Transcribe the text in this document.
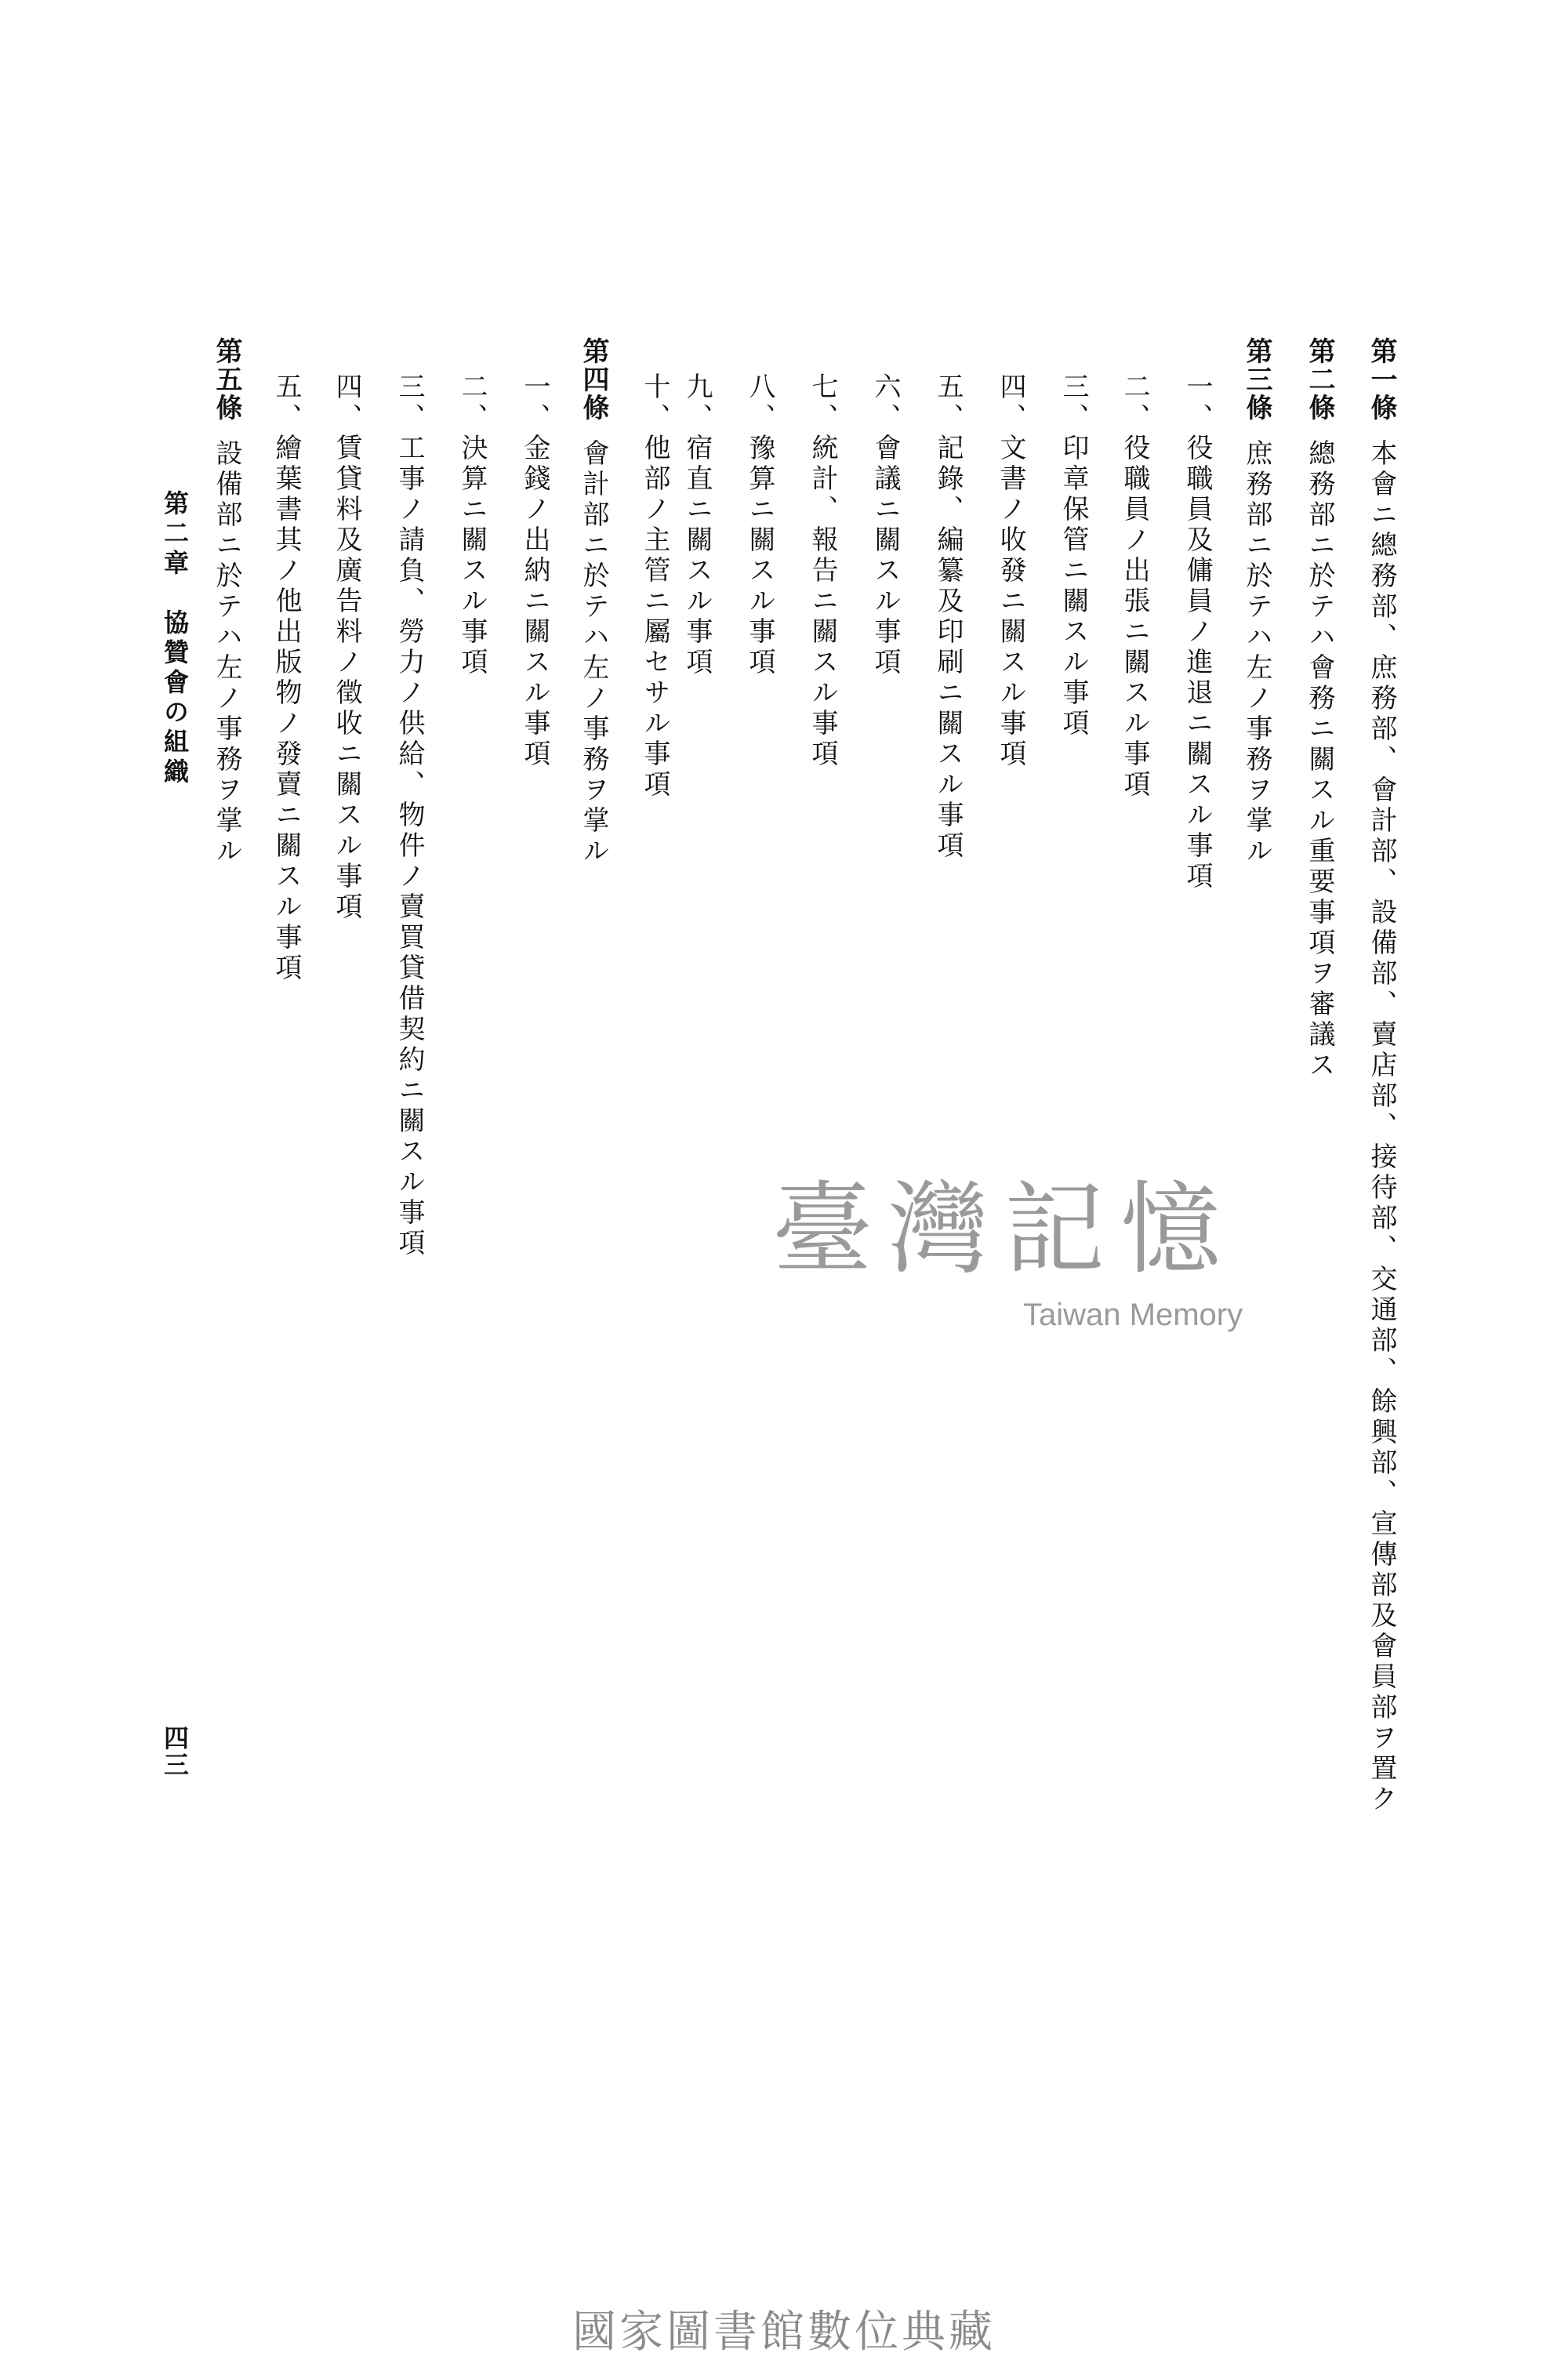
第一條本會ニ總務部、庶務部、會計部、設備部、賣店部、接待部、交通部、餘興部、宣傳部及會員部ヲ置ク
第二條總務部ニ於テハ會務ニ關スル重要事項ヲ審議ス
第三條庶務部ニ於テハ左ノ事務ヲ掌ル
一、役職員及傭員ノ進退ニ關スル事項
二、役職員ノ出張ニ關スル事項
三、印章保管ニ關スル事項
四、文書ノ收發ニ關スル事項
五、記錄、編纂及印刷ニ關スル事項
六、會議ニ關スル事項
七、統計、報告ニ關スル事項
八、豫算ニ關スル事項
九、宿直ニ關スル事項
十、他部ノ主管ニ屬セサル事項
第四條會計部ニ於テハ左ノ事務ヲ掌ル
一、金錢ノ出納ニ關スル事項
二、決算ニ關スル事項
三、工事ノ請負、勞力ノ供給、物件ノ賣買貸借契約ニ關スル事項
四、賃貸料及廣告料ノ徵收ニ關スル事項
五、繪葉書其ノ他出版物ノ發賣ニ關スル事項
第五條設備部ニ於テハ左ノ事務ヲ掌ル
第二章　協贊會の組織
四三
臺灣記憶
Taiwan Memory
國家圖書館數位典藏
